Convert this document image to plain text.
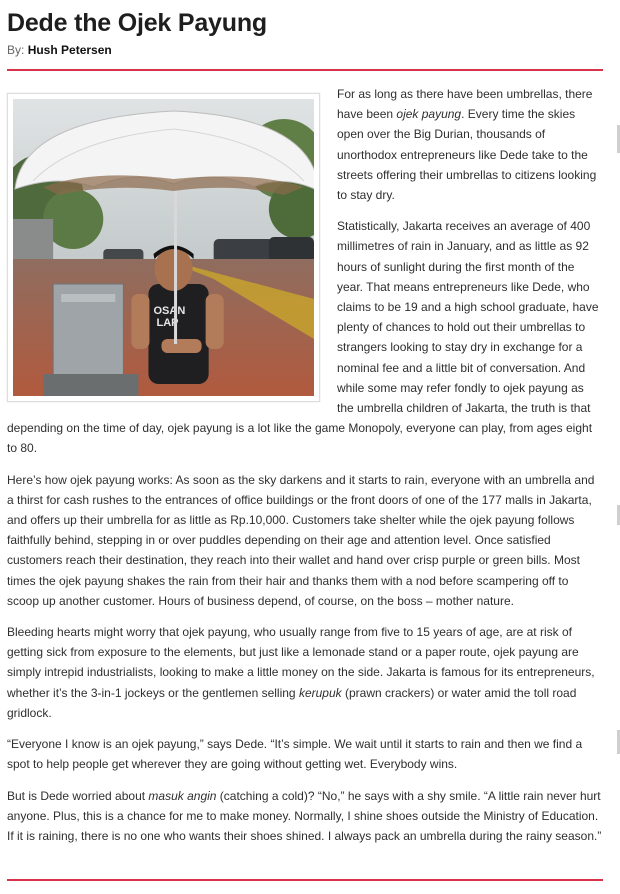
Dede the Ojek Payung
By: Hush Petersen

For as long as there have been umbrellas, there have been ojek payung. Every time the skies open over the Big Durian, thousands of unorthodox entrepreneurs like Dede take to the streets offering their umbrellas to citizens looking to stay dry.

Statistically, Jakarta receives an average of 400 millimetres of rain in January, and as little as 92 hours of sunlight during the first month of the year. That means entrepreneurs like Dede, who claims to be 19 and a high school graduate, have plenty of chances to hold out their umbrellas to strangers looking to stay dry in exchange for a nominal fee and a little bit of conversation. And while some may refer fondly to ojek payung as the umbrella children of Jakarta, the truth is that depending on the time of day, ojek payung is a lot like the game Monopoly, everyone can play, from ages eight to 80.

Here’s how ojek payung works: As soon as the sky darkens and it starts to rain, everyone with an umbrella and a thirst for cash rushes to the entrances of office buildings or the front doors of one of the 177 malls in Jakarta, and offers up their umbrella for as little as Rp.10,000. Customers take shelter while the ojek payung follows faithfully behind, stepping in or over puddles depending on their age and attention level. Once satisfied customers reach their destination, they reach into their wallet and hand over crisp purple or green bills. Most times the ojek payung shakes the rain from their hair and thanks them with a nod before scampering off to scoop up another customer. Hours of business depend, of course, on the boss – mother nature.

Bleeding hearts might worry that ojek payung, who usually range from five to 15 years of age, are at risk of getting sick from exposure to the elements, but just like a lemonade stand or a paper route, ojek payung are simply intrepid industrialists, looking to make a little money on the side. Jakarta is famous for its entrepreneurs, whether it’s the 3-in-1 jockeys or the gentlemen selling kerupuk (prawn crackers) or water amid the toll road gridlock.

“Everyone I know is an ojek payung,” says Dede. “It’s simple. We wait until it starts to rain and then we find a spot to help people get wherever they are going without getting wet. Everybody wins.

But is Dede worried about masuk angin (catching a cold)? “No,” he says with a shy smile. “A little rain never hurt anyone. Plus, this is a chance for me to make money. Normally, I shine shoes outside the Ministry of Education. If it is raining, there is no one who wants their shoes shined. I always pack an umbrella during the rainy season.”

OSAN
LAP
